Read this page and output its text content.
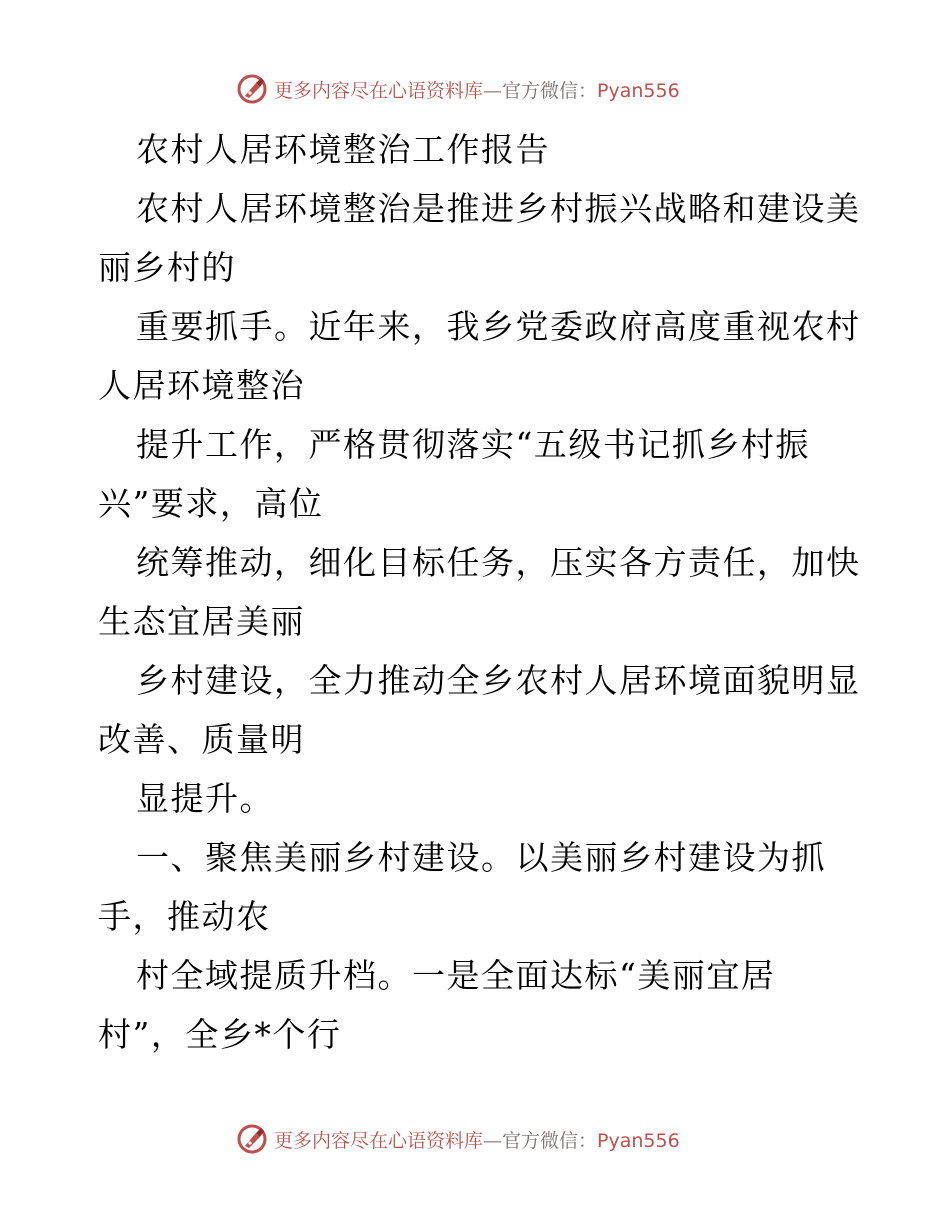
更多内容尽在心语资料库—官方微信：Pyan556
农村人居环境整治工作报告
农村人居环境整治是推进乡村振兴战略和建设美
丽乡村的
重要抓手。近年来，我乡党委政府高度重视农村
人居环境整治
提升工作，严格贯彻落实“五级书记抓乡村振
兴”要求，高位
统筹推动，细化目标任务，压实各方责任，加快
生态宜居美丽
乡村建设，全力推动全乡农村人居环境面貌明显
改善、质量明
显提升。
一、聚焦美丽乡村建设。以美丽乡村建设为抓
手，推动农
村全域提质升档。一是全面达标“美丽宜居
村”，全乡*个行
更多内容尽在心语资料库—官方微信：Pyan556
